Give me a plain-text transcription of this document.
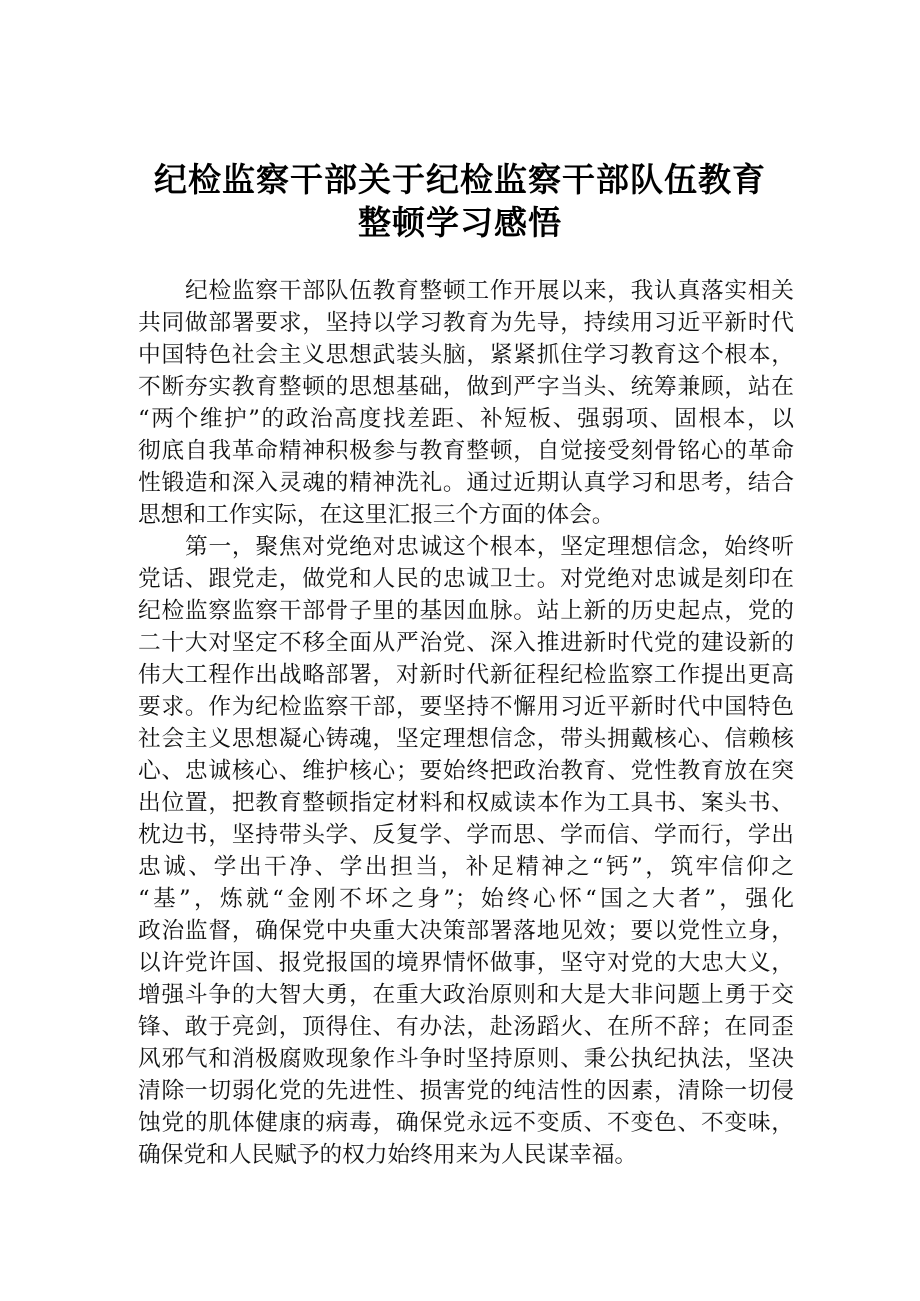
纪检监察干部关于纪检监察干部队伍教育
整顿学习感悟
纪检监察干部队伍教育整顿工作开展以来，我认真落实相关
共同做部署要求，坚持以学习教育为先导，持续用习近平新时代
中国特色社会主义思想武装头脑，紧紧抓住学习教育这个根本，
不断夯实教育整顿的思想基础，做到严字当头、统筹兼顾，站在
“两个维护”的政治高度找差距、补短板、强弱项、固根本，以
彻底自我革命精神积极参与教育整顿，自觉接受刻骨铭心的革命
性锻造和深入灵魂的精神洗礼。通过近期认真学习和思考，结合
思想和工作实际，在这里汇报三个方面的体会。
第一，聚焦对党绝对忠诚这个根本，坚定理想信念，始终听
党话、跟党走，做党和人民的忠诚卫士。对党绝对忠诚是刻印在
纪检监察监察干部骨子里的基因血脉。站上新的历史起点，党的
二十大对坚定不移全面从严治党、深入推进新时代党的建设新的
伟大工程作出战略部署，对新时代新征程纪检监察工作提出更高
要求。作为纪检监察干部，要坚持不懈用习近平新时代中国特色
社会主义思想凝心铸魂，坚定理想信念，带头拥戴核心、信赖核
心、忠诚核心、维护核心；要始终把政治教育、党性教育放在突
出位置，把教育整顿指定材料和权威读本作为工具书、案头书、
枕边书，坚持带头学、反复学、学而思、学而信、学而行，学出
忠诚、学出干净、学出担当，补足精神之“钙”，筑牢信仰之
“基”，炼就“金刚不坏之身”；始终心怀“国之大者”，强化
政治监督，确保党中央重大决策部署落地见效；要以党性立身，
以许党许国、报党报国的境界情怀做事，坚守对党的大忠大义，
增强斗争的大智大勇，在重大政治原则和大是大非问题上勇于交
锋、敢于亮剑，顶得住、有办法，赴汤蹈火、在所不辞；在同歪
风邪气和消极腐败现象作斗争时坚持原则、秉公执纪执法，坚决
清除一切弱化党的先进性、损害党的纯洁性的因素，清除一切侵
蚀党的肌体健康的病毒，确保党永远不变质、不变色、不变味，
确保党和人民赋予的权力始终用来为人民谋幸福。
